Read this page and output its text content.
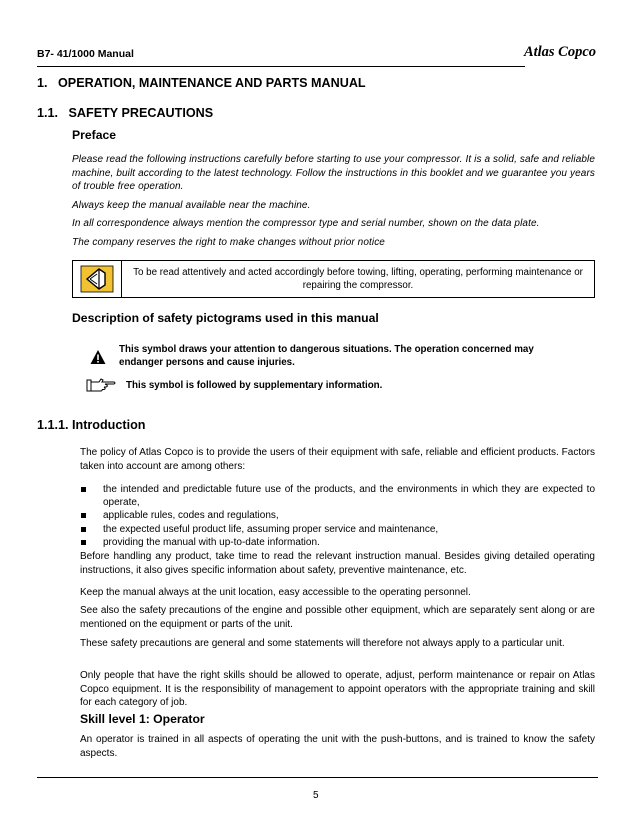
B7- 41/1000 Manual	Atlas Copco
1.   OPERATION, MAINTENANCE AND PARTS MANUAL
1.1.   SAFETY PRECAUTIONS
Preface
Please read the following instructions carefully before starting to use your compressor. It is a solid, safe and reliable machine, built according to the latest technology. Follow the instructions in this booklet and we guarantee you years of trouble free operation.
Always keep the manual available near the machine.
In all correspondence always mention the compressor type and serial number, shown on the data plate.
The company reserves the right to make changes without prior notice
To be read attentively and acted accordingly before towing, lifting, operating, performing maintenance or repairing the compressor.
Description of safety pictograms used in this manual
This symbol draws your attention to dangerous situations. The operation concerned may endanger persons and cause injuries.
This symbol is followed by supplementary information.
1.1.1. Introduction
The policy of Atlas Copco is to provide the users of their equipment with safe, reliable and efficient products. Factors taken into account are among others:
the intended and predictable future use of the products, and the environments in which they are expected to operate,
applicable rules, codes and regulations,
the expected useful product life, assuming proper service and maintenance,
providing the manual with up-to-date information.
Before handling any product, take time to read the relevant instruction manual. Besides giving detailed operating instructions, it also gives specific information about safety, preventive maintenance, etc.
Keep the manual always at the unit location, easy accessible to the operating personnel.
See also the safety precautions of the engine and possible other equipment, which are separately sent along or are mentioned on the equipment or parts of the unit.
These safety precautions are general and some statements will therefore not always apply to a particular unit.
Only people that have the right skills should be allowed to operate, adjust, perform maintenance or repair on Atlas Copco equipment. It is the responsibility of management to appoint operators with the appropriate training and skill for each category of job.
Skill level 1: Operator
An operator is trained in all aspects of operating the unit with the push-buttons, and is trained to know the safety aspects.
5
